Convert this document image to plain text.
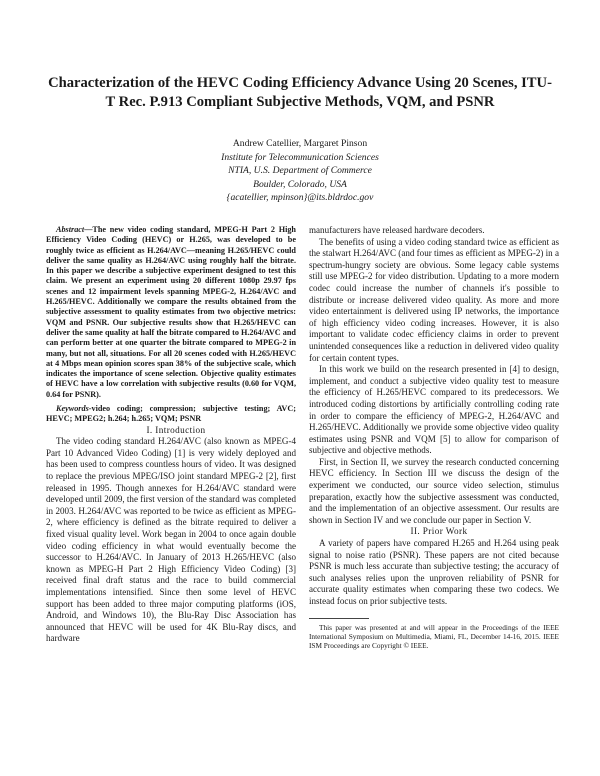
Characterization of the HEVC Coding Efficiency Advance Using 20 Scenes, ITU-T Rec. P.913 Compliant Subjective Methods, VQM, and PSNR
Andrew Catellier, Margaret Pinson
Institute for Telecommunication Sciences
NTIA, U.S. Department of Commerce
Boulder, Colorado, USA
{acatellier, mpinson}@its.bldrdoc.gov

Abstract—The new video coding standard, MPEG-H Part 2 High Efficiency Video Coding (HEVC) or H.265, was developed to be roughly twice as efficient as H.264/AVC—meaning H.265/HEVC could deliver the same quality as H.264/AVC using roughly half the bitrate. In this paper we describe a subjective experiment designed to test this claim. We present an experiment using 20 different 1080p 29.97 fps scenes and 12 impairment levels spanning MPEG-2, H.264/AVC and H.265/HEVC. Additionally we compare the results obtained from the subjective assessment to quality estimates from two objective metrics: VQM and PSNR. Our subjective results show that H.265/HEVC can deliver the same quality at half the bitrate compared to H.264/AVC and can perform better at one quarter the bitrate compared to MPEG-2 in many, but not all, situations. For all 20 scenes coded with H.265/HEVC at 4 Mbps mean opinion scores span 38% of the subjective scale, which indicates the importance of scene selection. Objective quality estimates of HEVC have a low correlation with subjective results (0.60 for VQM, 0.64 for PSNR).

Keywords-video coding; compression; subjective testing; AVC; HEVC; MPEG2; h.264; h.265; VQM; PSNR

I. Introduction

The video coding standard H.264/AVC (also known as MPEG-4 Part 10 Advanced Video Coding) [1] is very widely deployed and has been used to compress countless hours of video. It was designed to replace the previous MPEG/ISO joint standard MPEG-2 [2], first released in 1995. Though annexes for H.264/AVC standard were developed until 2009, the first version of the standard was completed in 2003. H.264/AVC was reported to be twice as efficient as MPEG-2, where efficiency is defined as the bitrate required to deliver a fixed visual quality level. Work began in 2004 to once again double video coding efficiency in what would eventually become the successor to H.264/AVC. In January of 2013 H.265/HEVC (also known as MPEG-H Part 2 High Efficiency Video Coding) [3] received final draft status and the race to build commercial implementations intensified. Since then some level of HEVC support has been added to three major computing platforms (iOS, Android, and Windows 10), the Blu-Ray Disc Association has announced that HEVC will be used for 4K Blu-Ray discs, and hardware

manufacturers have released hardware decoders.

The benefits of using a video coding standard twice as efficient as the stalwart H.264/AVC (and four times as efficient as MPEG-2) in a spectrum-hungry society are obvious. Some legacy cable systems still use MPEG-2 for video distribution. Updating to a more modern codec could increase the number of channels it's possible to distribute or increase delivered video quality. As more and more video entertainment is delivered using IP networks, the importance of high efficiency video coding increases. However, it is also important to validate codec efficiency claims in order to prevent unintended consequences like a reduction in delivered video quality for certain content types.

In this work we build on the research presented in [4] to design, implement, and conduct a subjective video quality test to measure the efficiency of H.265/HEVC compared to its predecessors. We introduced coding distortions by artificially controlling coding rate in order to compare the efficiency of MPEG-2, H.264/AVC and H.265/HEVC. Additionally we provide some objective video quality estimates using PSNR and VQM [5] to allow for comparison of subjective and objective methods.

First, in Section II, we survey the research conducted concerning HEVC efficiency. In Section III we discuss the design of the experiment we conducted, our source video selection, stimulus preparation, exactly how the subjective assessment was conducted, and the implementation of an objective assessment. Our results are shown in Section IV and we conclude our paper in Section V.

II. Prior Work

A variety of papers have compared H.265 and H.264 using peak signal to noise ratio (PSNR). These papers are not cited because PSNR is much less accurate than subjective testing; the accuracy of such analyses relies upon the unproven reliability of PSNR for accurate quality estimates when comparing these two codecs. We instead focus on prior subjective tests.

This paper was presented at and will appear in the Proceedings of the IEEE International Symposium on Multimedia, Miami, FL, December 14-16, 2015. IEEE ISM Proceedings are Copyright © IEEE.
